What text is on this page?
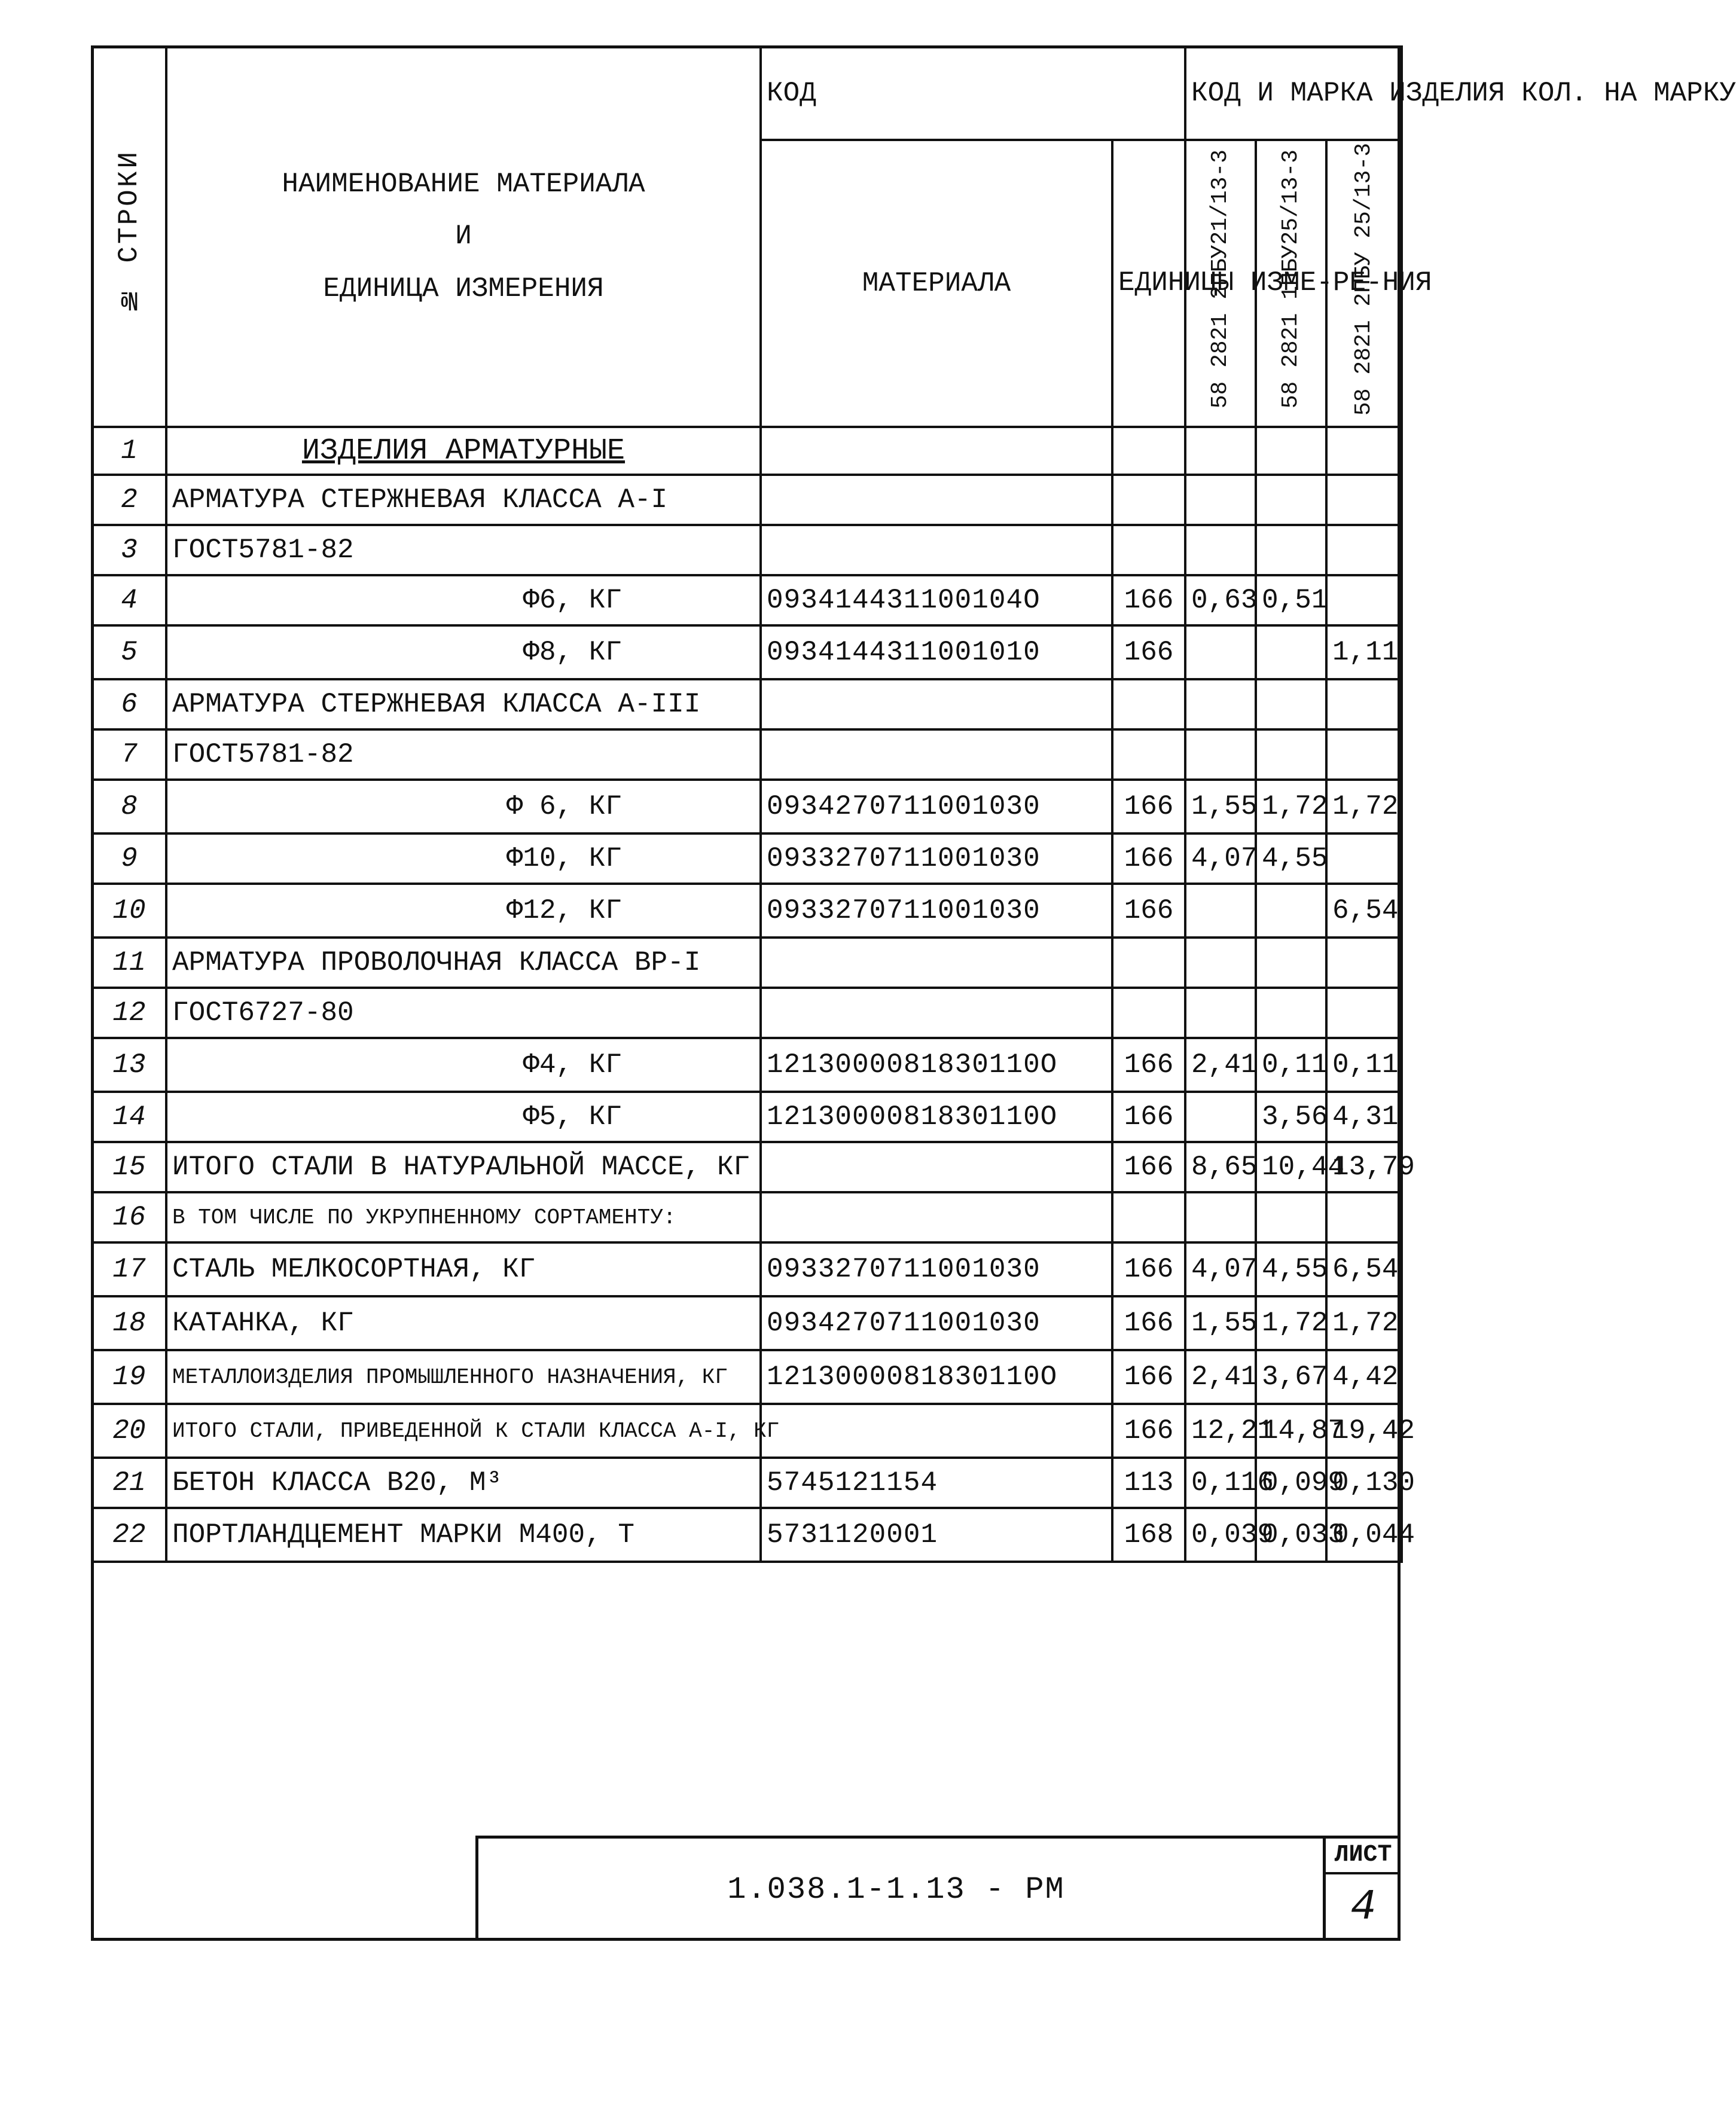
№ СТРОКИ	НАИМЕНОВАНИЕ МАТЕРИАЛА
И
ЕДИНИЦА ИЗМЕРЕНИЯ	КОД		КОД И МАРКА ИЗДЕЛИЯ КОЛ. НА МАРКУ		
		МАТЕРИАЛА	ЕДИНИЦЫ ИЗМЕ-РЕ-НИЯ	58 2821 2ПБУ21/13-3	58 2821 1ПБУ25/13-3	58 2821 2ПБУ 25/13-3
1	ИЗДЕЛИЯ АРМАТУРНЫЕ					
2	АРМАТУРА СТЕРЖНЕВАЯ КЛАССА А-I					
3	ГОСТ5781-82					
4	Ф6, КГ	093414431100104О	166	0,63	0,51	
5	Ф8, КГ	0934144311001010	166			1,11
6	АРМАТУРА СТЕРЖНЕВАЯ КЛАССА А-III					
7	ГОСТ5781-82					
8	Ф 6, КГ	0934270711001030	166	1,55	1,72	1,72
9	Ф10, КГ	0933270711001030	166	4,07	4,55	
10	Ф12, КГ	0933270711001030	166			6,54
11	АРМАТУРА ПРОВОЛОЧНАЯ КЛАССА ВР-I					
12	ГОСТ6727-80					
13	Ф4, КГ	1213000081830110О	166	2,41	0,11	0,11
14	Ф5, КГ	1213000081830110О	166		3,56	4,31
15	ИТОГО СТАЛИ В НАТУРАЛЬНОЙ МАССЕ, КГ		166	8,65	10,44	13,79
16	В ТОМ ЧИСЛЕ ПО УКРУПНЕННОМУ СОРТАМЕНТУ:					
17	СТАЛЬ МЕЛКОСОРТНАЯ, КГ	0933270711001030	166	4,07	4,55	6,54
18	КАТАНКА, КГ	0934270711001030	166	1,55	1,72	1,72
19	МЕТАЛЛОИЗДЕЛИЯ ПРОМЫШЛЕННОГО НАЗНАЧЕНИЯ, КГ	1213000081830110О	166	2,41	3,67	4,42
20	ИТОГО СТАЛИ, ПРИВЕДЕННОЙ К СТАЛИ КЛАССА А-I, КГ		166	12,21	14,87	19,42
21	БЕТОН КЛАССА В20, М³	5745121154	113	0,116	0,099	0,130
22	ПОРТЛАНДЦЕМЕНТ МАРКИ М400, Т	5731120001	168	0,039	0,033	0,044
1.038.1-1.13 - РМ
ЛИСТ
4
